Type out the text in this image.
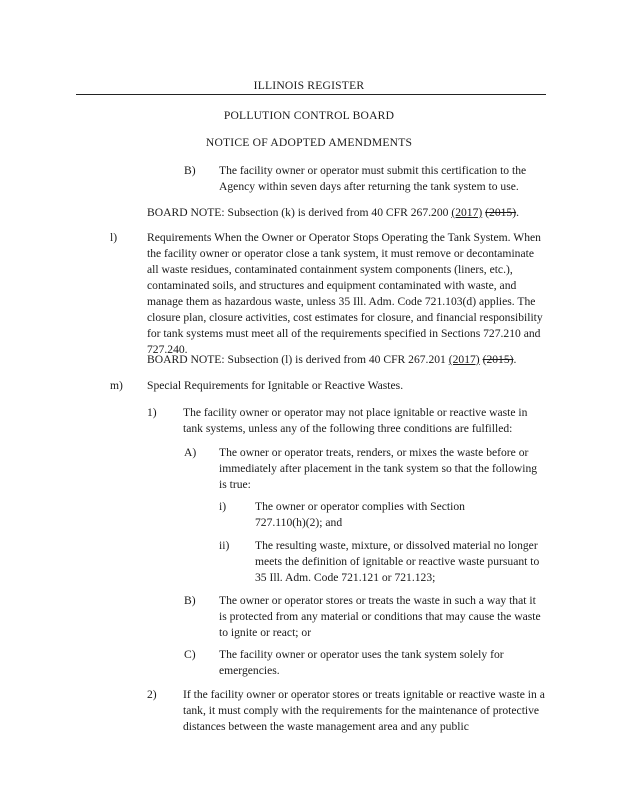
ILLINOIS REGISTER
POLLUTION CONTROL BOARD
NOTICE OF ADOPTED AMENDMENTS
B) The facility owner or operator must submit this certification to the Agency within seven days after returning the tank system to use.

BOARD NOTE: Subsection (k) is derived from 40 CFR 267.200 (2017) (2015).

l)	Requirements When the Owner or Operator Stops Operating the Tank System. When the facility owner or operator close a tank system, it must remove or decontaminate all waste residues, contaminated containment system components (liners, etc.), contaminated soils, and structures and equipment contaminated with waste, and manage them as hazardous waste, unless 35 Ill. Adm. Code 721.103(d) applies. The closure plan, closure activities, cost estimates for closure, and financial responsibility for tank systems must meet all of the requirements specified in Sections 727.210 and 727.240.

BOARD NOTE: Subsection (l) is derived from 40 CFR 267.201 (2017) (2015).

m) Special Requirements for Ignitable or Reactive Wastes.

1) The facility owner or operator may not place ignitable or reactive waste in tank systems, unless any of the following three conditions are fulfilled:

A) The owner or operator treats, renders, or mixes the waste before or immediately after placement in the tank system so that the following is true:

i) The owner or operator complies with Section 727.110(h)(2); and

ii) The resulting waste, mixture, or dissolved material no longer meets the definition of ignitable or reactive waste pursuant to 35 Ill. Adm. Code 721.121 or 721.123;

B) The owner or operator stores or treats the waste in such a way that it is protected from any material or conditions that may cause the waste to ignite or react; or

C) The facility owner or operator uses the tank system solely for emergencies.

2) If the facility owner or operator stores or treats ignitable or reactive waste in a tank, it must comply with the requirements for the maintenance of protective distances between the waste management area and any public
